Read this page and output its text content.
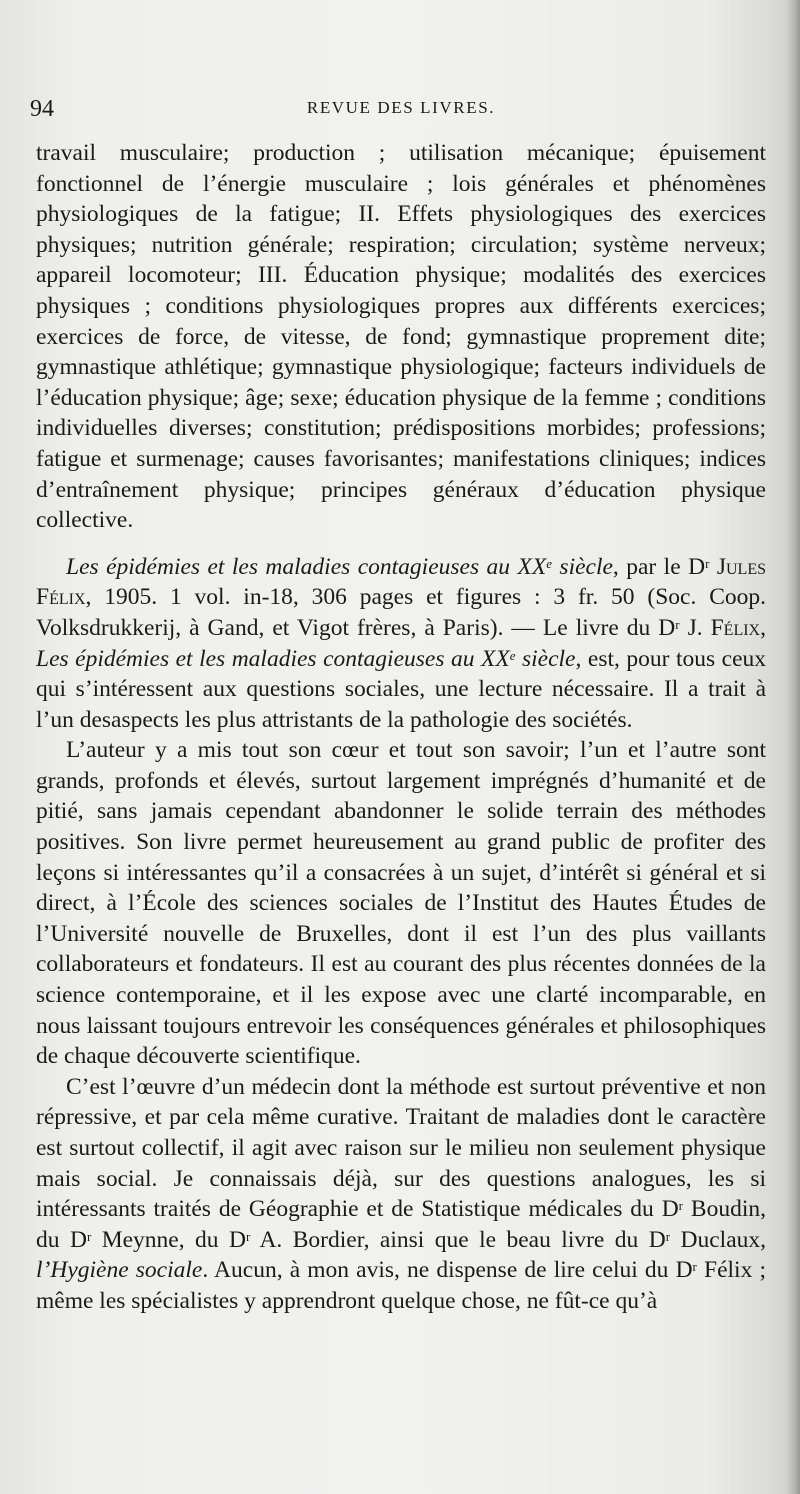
94	REVUE DES LIVRES.

travail musculaire; production ; utilisation mécanique; épuisement fonctionnel de l’énergie musculaire ; lois générales et phénomènes physiologiques de la fatigue; II. Effets physiologiques des exercices physiques; nutrition générale; respiration; circulation; système nerveux; appareil locomoteur; III. Éducation physique; modalités des exercices physiques ; conditions physiologiques propres aux différents exercices; exercices de force, de vitesse, de fond; gymnastique proprement dite; gymnastique athlétique; gymnastique physiologique; facteurs individuels de l’éducation physique; âge; sexe; éducation physique de la femme ; conditions individuelles diverses; constitution; prédispositions morbides; professions; fatigue et surmenage; causes favorisantes; manifestations cliniques; indices d’entraînement physique; principes généraux d’éducation physique collective.

Les épidémies et les maladies contagieuses au XXe siècle, par le $D^r$ Jules Félix, 1905. 1 vol. in-18, 306 pages et figures : 3 fr. 50 (Soc. Coop. Volksdrukkerij, à Gand, et Vigot frères, à Paris). — Le livre du $D^r$ J. Félix, Les épidémies et les maladies contagieuses au XXe siècle, est, pour tous ceux qui s’intéressent aux questions sociales, une lecture nécessaire. Il a trait à l’un desaspects les plus attristants de la pathologie des sociétés.

L’auteur y a mis tout son cœur et tout son savoir; l’un et l’autre sont grands, profonds et élevés, surtout largement imprégnés d’humanité et de pitié, sans jamais cependant abandonner le solide terrain des méthodes positives. Son livre permet heureusement au grand public de profiter des leçons si intéressantes qu’il a consacrées à un sujet, d’intérêt si général et si direct, à l’École des sciences sociales de l’Institut des Hautes Études de l’Université nouvelle de Bruxelles, dont il est l’un des plus vaillants collaborateurs et fondateurs. Il est au courant des plus récentes données de la science contemporaine, et il les expose avec une clarté incomparable, en nous laissant toujours entrevoir les conséquences générales et philosophiques de chaque découverte scientifique.

C’est l’œuvre d’un médecin dont la méthode est surtout préventive et non répressive, et par cela même curative. Traitant de maladies dont le caractère est surtout collectif, il agit avec raison sur le milieu non seulement physique mais social. Je connaissais déjà, sur des questions analogues, les si intéressants traités de Géographie et de Statistique médicales du $D^r$ Boudin, du $D^r$ Meynne, du $D^r$ A. Bordier, ainsi que le beau livre du $D^r$ Duclaux, l’Hygiène sociale. Aucun, à mon avis, ne dispense de lire celui du $D^r$ Félix ; même les spécialistes y apprendront quelque chose, ne fût-ce qu’à
